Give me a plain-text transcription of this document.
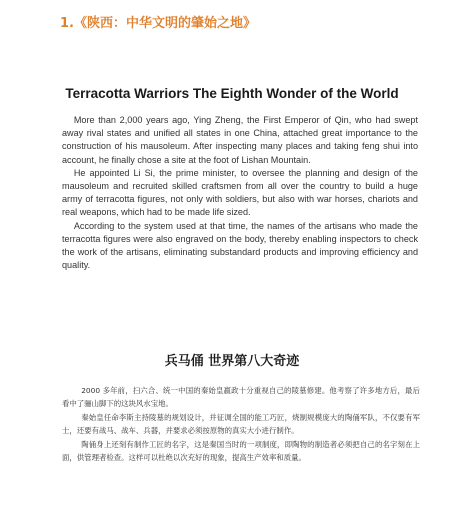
1.《陕西：中华文明的肇始之地》
Terracotta Warriors The Eighth Wonder of the World

More than 2,000 years ago, Ying Zheng, the First Emperor of Qin, who had swept away rival states and unified all states in one China, attached great importance to the construction of his mausoleum. After inspecting many places and taking feng shui into account, he finally chose a site at the foot of Lishan Mountain.

He appointed Li Si, the prime minister, to oversee the planning and design of the mausoleum and recruited skilled craftsmen from all over the country to build a huge army of terracotta figures, not only with soldiers, but also with war horses, chariots and real weapons, which had to be made life sized.

According to the system used at that time, the names of the artisans who made the terracotta figures were also engraved on the body, thereby enabling inspectors to check the work of the artisans, eliminating substandard products and improving efficiency and quality.

兵马俑 世界第八大奇迹

2000 多年前，扫六合、统一中国的秦始皇嬴政十分重视自己的陵墓修建。他考察了许多地方后，最后看中了骊山脚下的这块风水宝地。

秦始皇任命李斯主持陵墓的规划设计，并征调全国的能工巧匠，烧制规模庞大的陶俑军队，不仅要有军士，还要有战马、战车、兵器，并要求必须按原物的真实大小进行制作。

陶俑身上还刻有制作工匠的名字，这是秦国当时的一项制度，即陶物的制造者必须把自己的名字刻在上面，供管理者检查。这样可以杜绝以次充好的现象，提高生产效率和质量。
